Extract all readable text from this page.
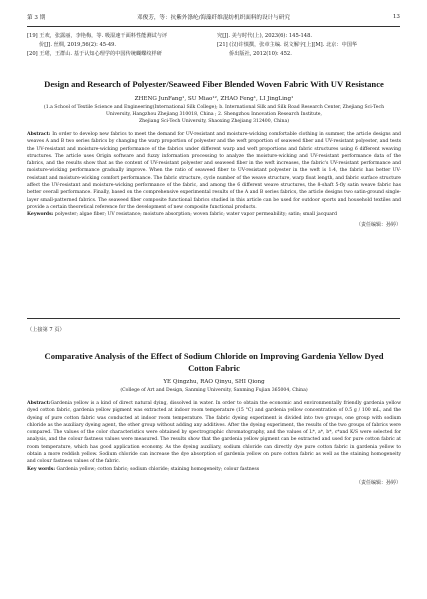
第 3 期	邓俊芳，等：抗紫外涤纶/海藻纤维混纺机织面料的设计与研究	13
[19] 王欢，张露丽，李艳梅，等. 吸湿速干面料性能测试与评
价[J]. 丝绸, 2019,56(2): 45-49.
[20] 王珺，王群山. 基于认知心理学的中国传统蝴蝶纹样研
究[J]. 美与时代(上), 2023(6): 145-148.
[21] (汉)许慎撰，张章主编. 说文解字[上][M]. 北京：中国华
侨出版社, 2012(10): 452.
Design and Research of Polyester/Seaweed Fiber Blended Woven Fabric With UV Resistance
ZHENG JunFang¹, SU Miao¹², ZHAO Feng¹, LI JingLing¹
(1.a School of Textile Science and Engineering(International Silk College); b. International Silk and Silk Road Research Center, Zhejiang Sci-Tech
University, Hangzhou Zhejiang 310018, China ; 2. Shengzhou Innovation Research Institute,
Zhejiang Sci-Tech University, Shaoxing Zhejiang 312400, China)
Abstract: In order to develop new fabrics to meet the demand for UV-resistant and moisture-wicking comfortable clothing in summer, the article designs and weaves A and B two series fabrics by changing the warp proportion of polyester and the weft proportion of seaweed fiber and UV-resistant polyester, and tests the UV-resistant and moisture-wicking performance of the fabrics under different warp and weft proportions and fabric structures using 6 different weaving structures. The article uses Origin software and fuzzy information processing to analyze the moisture-wicking and UV-resistant performance data of the fabrics, and the results show that as the content of UV-resistant polyester and seaweed fiber in the weft increases, the fabric's UV-resistant performance and moisture-wicking performance gradually improve. When the ratio of seaweed fiber to UV-resistant polyester in the weft is 1:4, the fabric has better UV-resistant and moisture-wicking comfort performance. The fabric structure, cycle number of the weave structure, warp float length, and fabric surface structure affect the UV-resistant and moisture-wicking performance of the fabric, and among the 6 different weave structures, the 8-shaft 5-fly satin weave fabric has better overall performance. Finally, based on the comprehensive experimental results of the A and B series fabrics, the article designs two satin-ground single-layer small-patterned fabrics. The seaweed fiber composite functional fabrics studied in this article can be used for outdoor sports and household textiles and provide a certain theoretical reference for the development of new composite functional products.
Keywords: polyester; algae fiber; UV resistance; moisture absorption; woven fabric; water vapor permeability; satin; small jacquard
（责任编辑：孙婷）
（上接第 7 页）
Comparative Analysis of the Effect of Sodium Chloride on Improving Gardenia Yellow Dyed
Cotton Fabric
YE Qingzhu, RAO Qinyu, SHI Qiong
(College of Art and Design, Sanming University, Sanming Fujian 365004, China)
Abstract:Gardenia yellow is a kind of direct natural dying, dissolved in water. In order to obtain the economic and environmentally friendly gardenia yellow dyed cotton fabric, gardenia yellow pigment was extracted at indoor room temperature (15 °C) and gardenia yellow concentration of 0.5 g / 100 mL, and the dyeing of pure cotton fabric was conducted at indoor room temperature. The fabric dyeing experiment is divided into two groups, one group with sodium chloride as the auxiliary dyeing agent, the other group without adding any additives. After the dyeing experiment, the results of the two groups of fabrics were compared. The values of the color characteristics were obtained by spectrographic chromatography, and the values of L*, a*, b*, c*and K/S were selected for analysis, and the colour fastness values were measured. The results show that the gardenia yellow pigment can be extracted and used for pure cotton fabric at room temperature, which has good application economy. As the dyeing auxiliary, sodium chloride can directly dye pure cotton fabric in gardenia yellow to obtain a more reddish yellow. Sodium chloride can increase the dye absorption of gardenia yellow on pure cotton fabric as well as the staining homogeneity and colour fastness values of the fabric.
Key words: Gardenia yellow; cotton fabric; sodium chloride; staining homogeneity; colour fastness
（责任编辑：孙婷）
